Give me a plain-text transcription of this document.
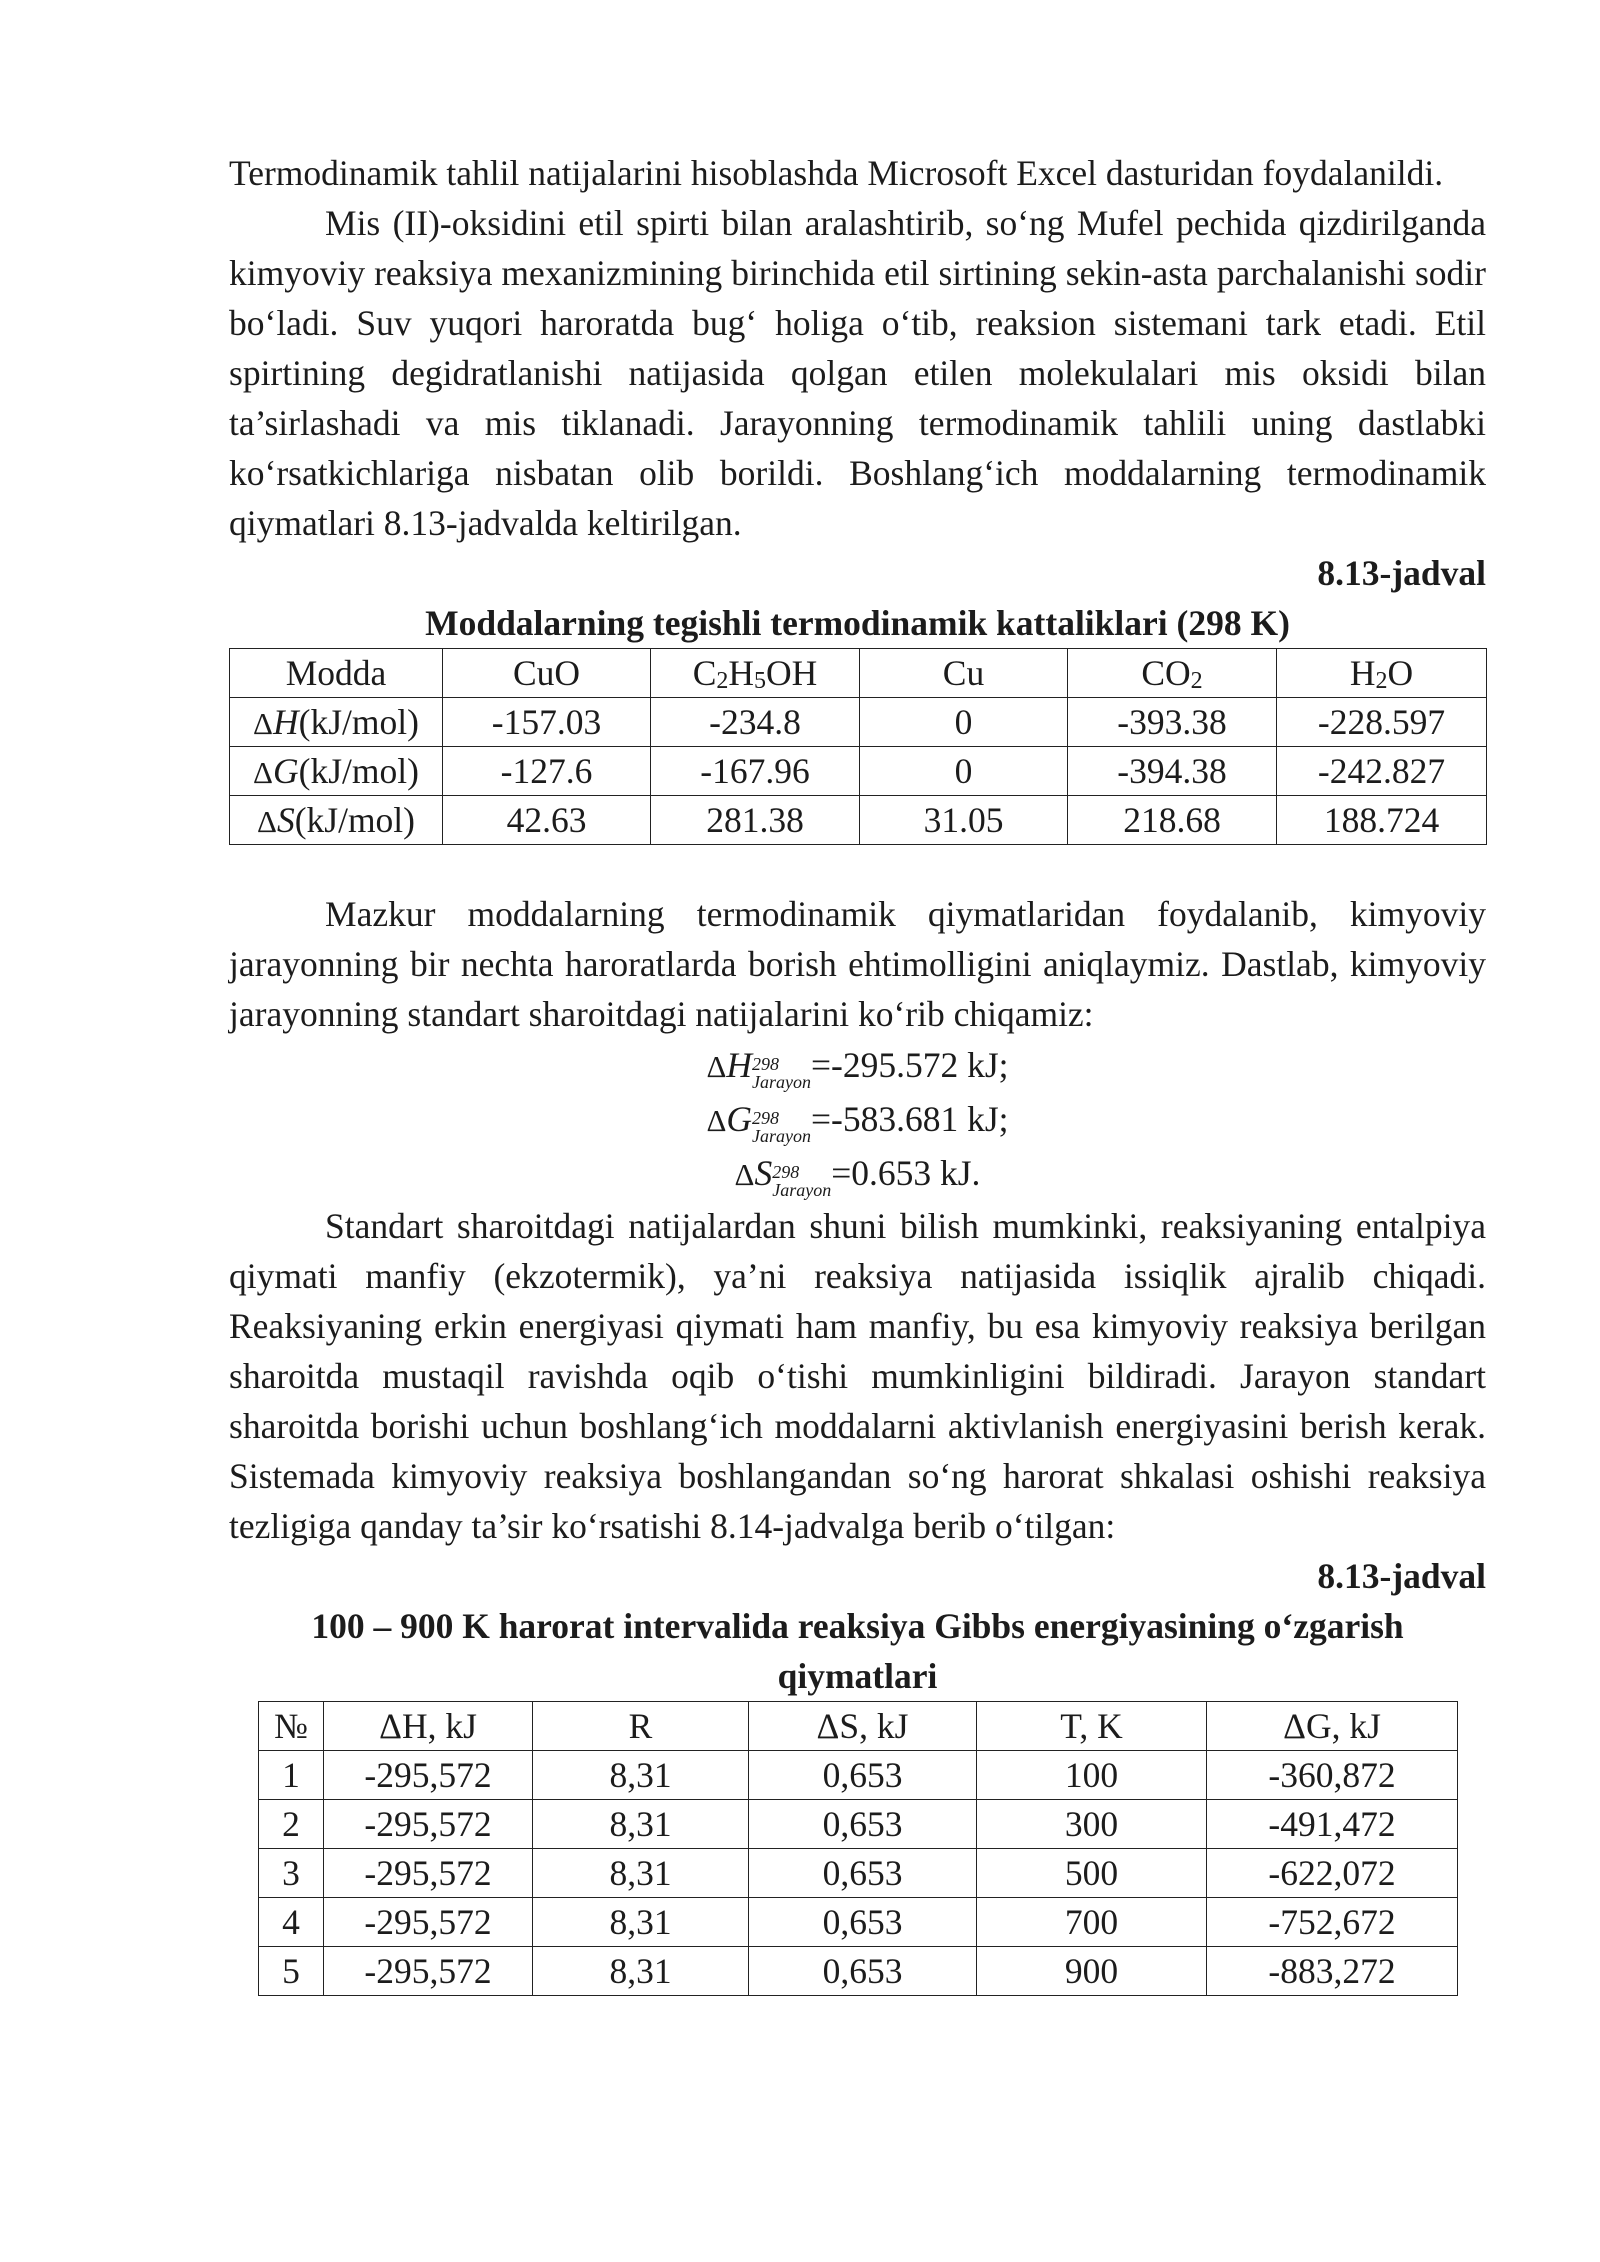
Termodinamik tahlil natijalarini hisoblashda Microsoft Excel dasturidan foydalanildi.

Mis (II)-oksidini etil spirti bilan aralashtirib, so‘ng Mufel pechida qizdirilganda kimyoviy reaksiya mexanizmining birinchida etil sirtining sekin-asta parchalanishi sodir bo‘ladi. Suv yuqori haroratda bug‘ holiga o‘tib, reaksion sistemani tark etadi. Etil spirtining degidratlanishi natijasida qolgan etilen molekulalari mis oksidi bilan ta’sirlashadi va mis tiklanadi. Jarayonning termodinamik tahlili uning dastlabki ko‘rsatkichlariga nisbatan olib borildi. Boshlang‘ich moddalarning termodinamik qiymatlari 8.13-jadvalda keltirilgan.

8.13-jadval
Moddalarning tegishli termodinamik kattaliklari (298 K)
Modda	CuO	$C_2H_5OH$	Cu	$CO_2$	$H_2O$
ΔH(kJ/mol)	-157.03	-234.8	0	-393.38	-228.597
ΔG(kJ/mol)	-127.6	-167.96	0	-394.38	-242.827
ΔS(kJ/mol)	42.63	281.38	31.05	218.68	188.724

Mazkur moddalarning termodinamik qiymatlaridan foydalanib, kimyoviy jarayonning bir nechta haroratlarda borish ehtimolligini aniqlaymiz. Dastlab, kimyoviy jarayonning standart sharoitdagi natijalarini ko‘rib chiqamiz:

ΔH 298
Jarayon =-295.572 kJ;
ΔG 298
Jarayon =-583.681 kJ;
ΔS 298
Jarayon =0.653 kJ.

Standart sharoitdagi natijalardan shuni bilish mumkinki, reaksiyaning entalpiya qiymati manfiy (ekzotermik), ya’ni reaksiya natijasida issiqlik ajralib chiqadi. Reaksiyaning erkin energiyasi qiymati ham manfiy, bu esa kimyoviy reaksiya berilgan sharoitda mustaqil ravishda oqib o‘tishi mumkinligini bildiradi. Jarayon standart sharoitda borishi uchun boshlang‘ich moddalarni aktivlanish energiyasini berish kerak. Sistemada kimyoviy reaksiya boshlangandan so‘ng harorat shkalasi oshishi reaksiya tezligiga qanday ta’sir ko‘rsatishi 8.14-jadvalga berib o‘tilgan:

8.13-jadval
100 – 900 K harorat intervalida reaksiya Gibbs energiyasining o‘zgarish qiymatlari
№	ΔH, kJ	R	ΔS, kJ	T, K	ΔG, kJ
1	-295,572	8,31	0,653	100	-360,872
2	-295,572	8,31	0,653	300	-491,472
3	-295,572	8,31	0,653	500	-622,072
4	-295,572	8,31	0,653	700	-752,672
5	-295,572	8,31	0,653	900	-883,272
